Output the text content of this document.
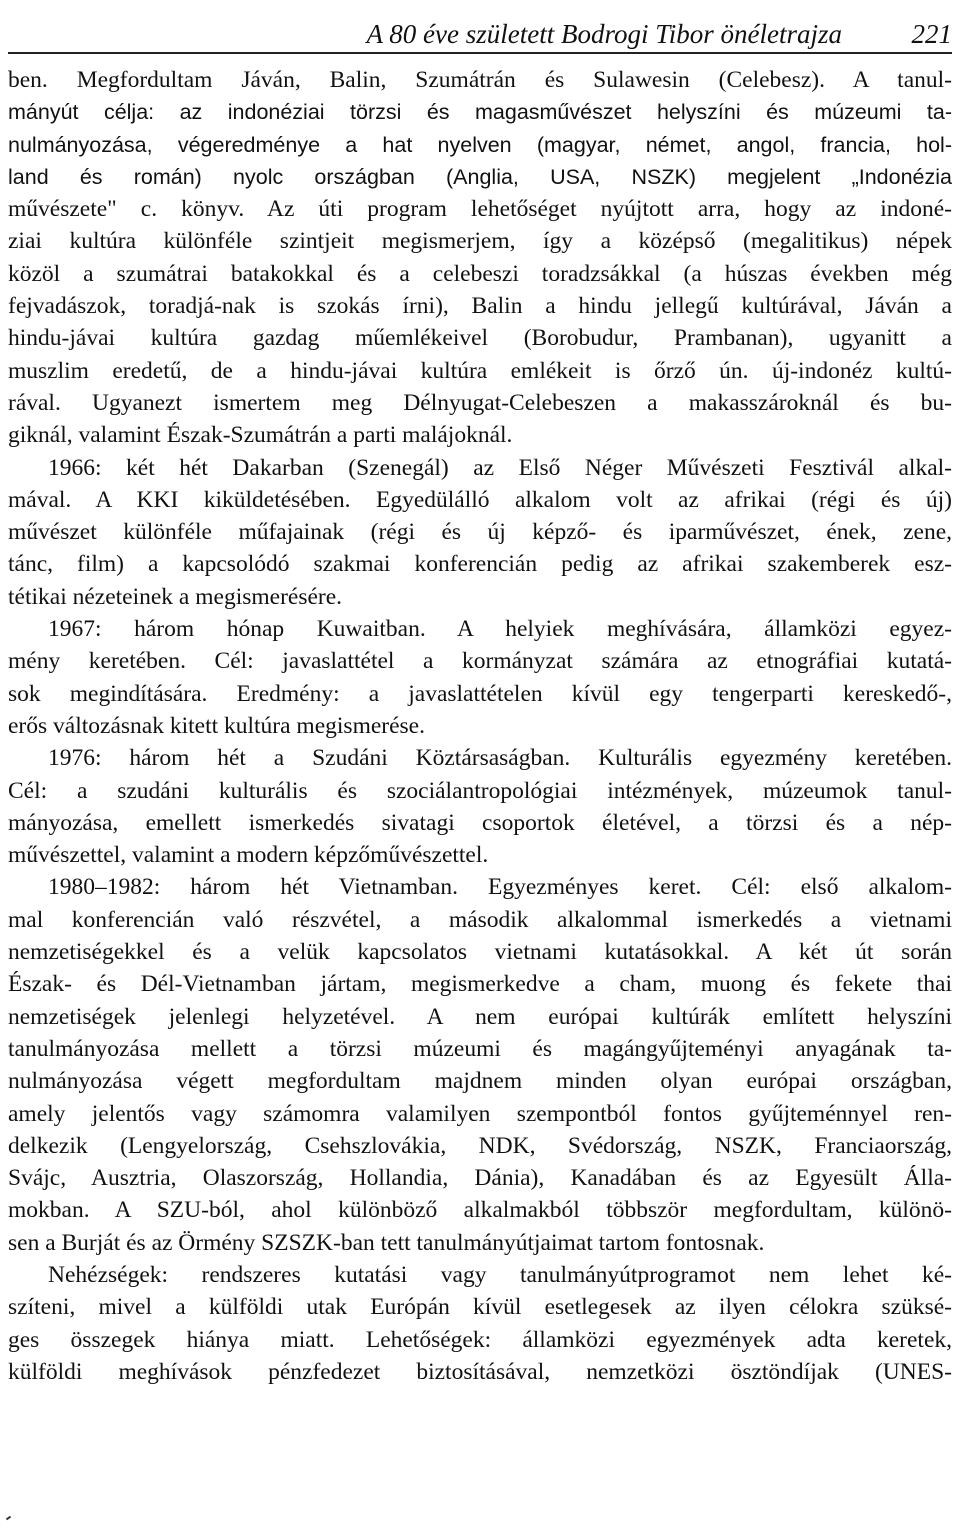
A 80 éve született Bodrogi Tibor önéletrajza	221
ben. Megfordultam Jáván, Balin, Szumátrán és Sulawesin (Celebesz). A tanul-
mányút célja: az indonéziai törzsi és magasművészet helyszíni és múzeumi ta-
nulmányozása, végeredménye a hat nyelven (magyar, német, angol, francia, hol-
land és román) nyolc országban (Anglia, USA, NSZK) megjelent „Indonézia
művészete" c. könyv. Az úti program lehetőséget nyújtott arra, hogy az indoné-
ziai kultúra különféle szintjeit megismerjem, így a középső (megalitikus) népek
közöl a szumátrai batakokkal és a celebeszi toradzsákkal (a húszas években még
fejvadászok, toradjá-nak is szokás írni), Balin a hindu jellegű kultúrával, Jáván a
hindu-jávai kultúra gazdag műemlékeivel (Borobudur, Prambanan), ugyanitt a
muszlim eredetű, de a hindu-jávai kultúra emlékeit is őrző ún. új-indonéz kultú-
rával. Ugyanezt ismertem meg Délnyugat-Celebeszen a makasszároknál és bu-
giknál, valamint Észak-Szumátrán a parti malájoknál.
1966: két hét Dakarban (Szenegál) az Első Néger Művészeti Fesztivál alkal-
mával. A KKI kiküldetésében. Egyedülálló alkalom volt az afrikai (régi és új)
művészet különféle műfajainak (régi és új képző- és iparművészet, ének, zene,
tánc, film) a kapcsolódó szakmai konferencián pedig az afrikai szakemberek esz-
tétikai nézeteinek a megismerésére.
1967: három hónap Kuwaitban. A helyiek meghívására, államközi egyez-
mény keretében. Cél: javaslattétel a kormányzat számára az etnográfiai kutatá-
sok megindítására. Eredmény: a javaslattételen kívül egy tengerparti kereskedő-,
erős változásnak kitett kultúra megismerése.
1976: három hét a Szudáni Köztársaságban. Kulturális egyezmény keretében.
Cél: a szudáni kulturális és szociálantropológiai intézmények, múzeumok tanul-
mányozása, emellett ismerkedés sivatagi csoportok életével, a törzsi és a nép-
művészettel, valamint a modern képzőművészettel.
1980–1982: három hét Vietnamban. Egyezményes keret. Cél: első alkalom-
mal konferencián való részvétel, a második alkalommal ismerkedés a vietnami
nemzetiségekkel és a velük kapcsolatos vietnami kutatásokkal. A két út során
Észak- és Dél-Vietnamban jártam, megismerkedve a cham, muong és fekete thai
nemzetiségek jelenlegi helyzetével. A nem európai kultúrák említett helyszíni
tanulmányozása mellett a törzsi múzeumi és magángyűjteményi anyagának ta-
nulmányozása végett megfordultam majdnem minden olyan európai országban,
amely jelentős vagy számomra valamilyen szempontból fontos gyűjteménnyel ren-
delkezik (Lengyelország, Csehszlovákia, NDK, Svédország, NSZK, Franciaország,
Svájc, Ausztria, Olaszország, Hollandia, Dánia), Kanadában és az Egyesült Álla-
mokban. A SZU-ból, ahol különböző alkalmakból többször megfordultam, különö-
sen a Burját és az Örmény SZSZK-ban tett tanulmányútjaimat tartom fontosnak.
Nehézségek: rendszeres kutatási vagy tanulmányútprogramot nem lehet ké-
szíteni, mivel a külföldi utak Európán kívül esetlegesek az ilyen célokra szüksé-
ges összegek hiánya miatt. Lehetőségek: államközi egyezmények adta keretek,
külföldi meghívások pénzfedezet biztosításával, nemzetközi ösztöndíjak (UNES-
